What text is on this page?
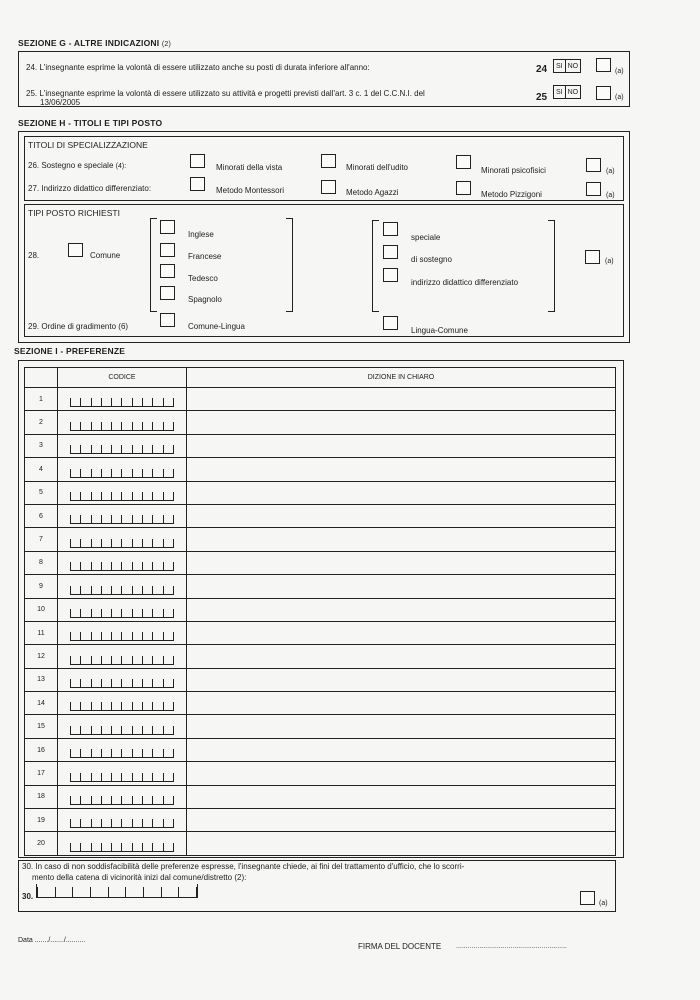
SEZIONE G - ALTRE INDICAZIONI (2)
24. L'insegnante esprime la volontà di essere utilizzato anche su posti di durata inferiore all'anno:	24 SI NO
(a)
25. L'insegnante esprime la volontà di essere utilizzato su attività e progetti previsti dall'art. 3 c. 1 del C.C.N.I. del
13/06/2005	25 SI NO
(a)
SEZIONE H - TITOLI E TIPI POSTO
TITOLI DI SPECIALIZZAZIONE
26. Sostegno e speciale (4):	Minorati della vista	Minorati dell'udito	Minorati psicofisici	(a)
27. Indirizzo didattico differenziato:	Metodo Montessori	Metodo Agazzi	Metodo Pizzigoni	(a)
TIPI POSTO RICHIESTI
28.	Comune
Inglese
Francese
Tedesco
Spagnolo
speciale
di sostegno
indirizzo didattico differenziato
(a)
29. Ordine di gradimento (6)	Comune-Lingua	Lingua-Comune
SEZIONE I - PREFERENZE
	CODICE	DIZIONE IN CHIARO
1	

2	

3	

4	

5	

6	

7	

8	

9	

10	

11	

12	

13	

14	

15	

16	

17	

18	

19	

20	

30. In caso di non soddisfacibilità delle preferenze espresse, l'insegnante chiede, ai fini del trattamento d'ufficio, che lo scorri-
mento della catena di vicinorità inizi dal comune/distretto (2):
30.
(a)
Data ......./......./..........
FIRMA DEL DOCENTE .........................................................
